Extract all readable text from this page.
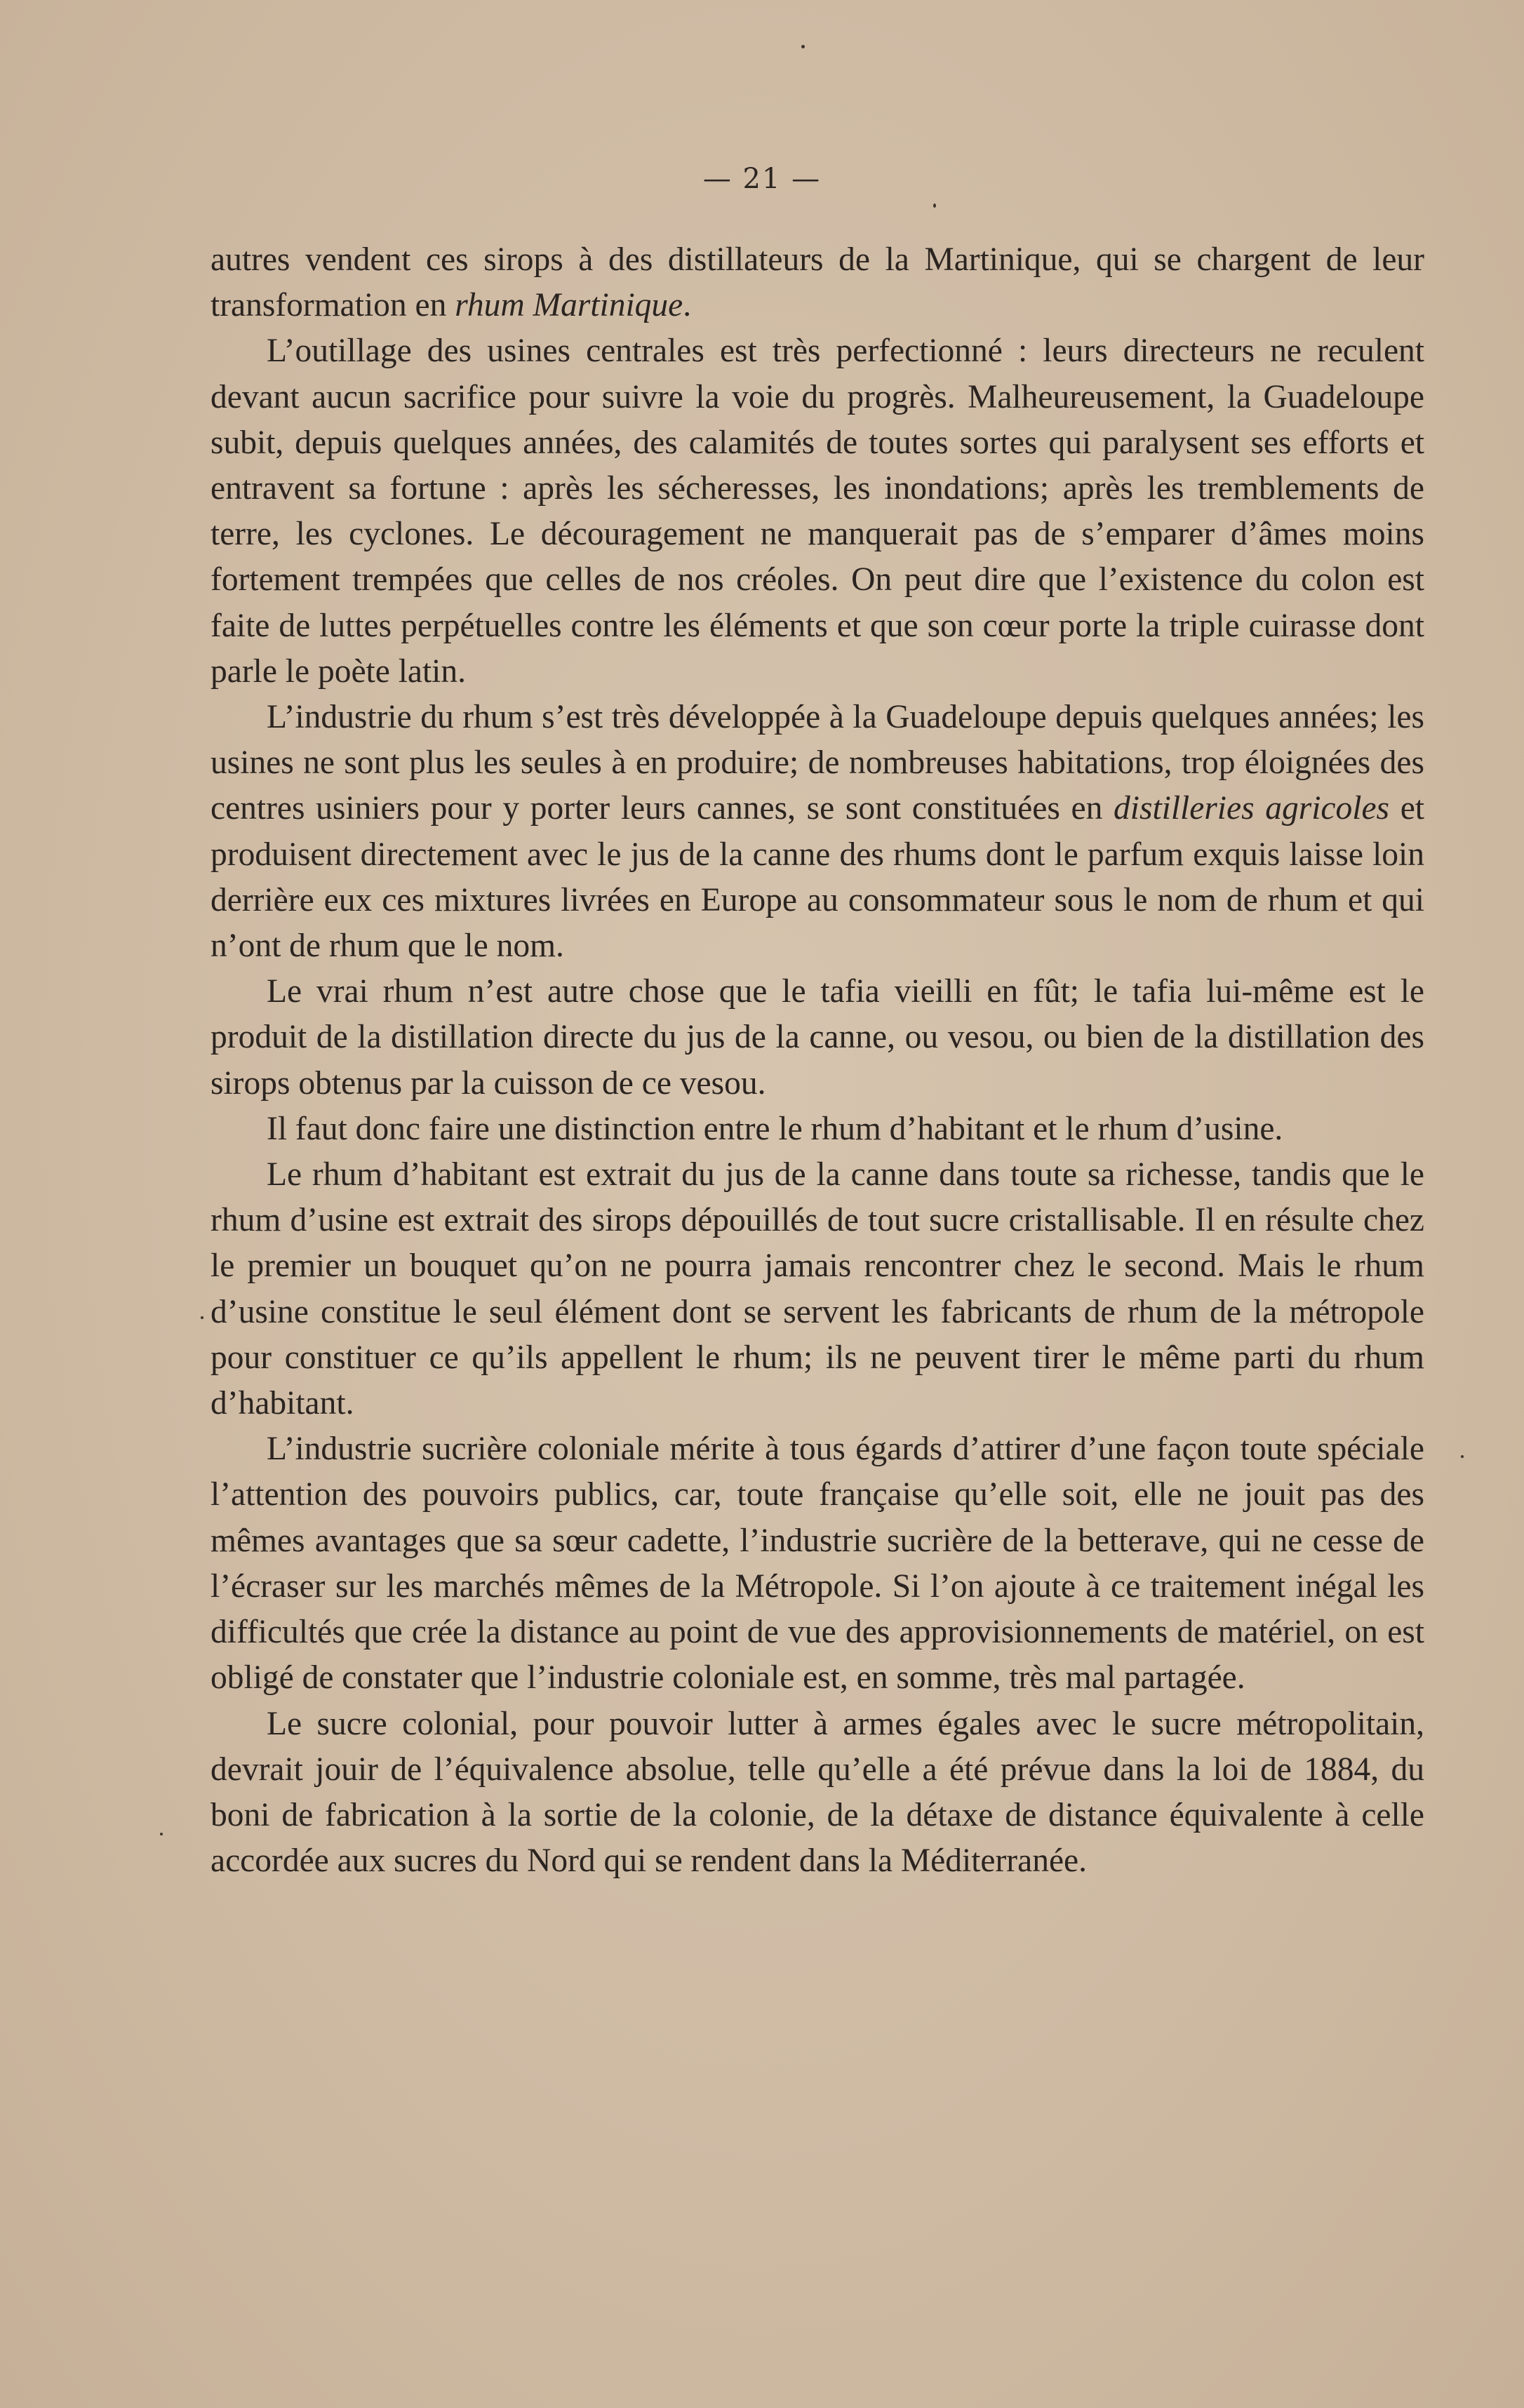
— 21 —

autres vendent ces sirops à des distillateurs de la Martinique, qui se chargent de leur transformation en rhum Martinique.

L’outillage des usines centrales est très perfectionné : leurs directeurs ne reculent devant aucun sacrifice pour suivre la voie du progrès. Malheureusement, la Guadeloupe subit, depuis quelques années, des calamités de toutes sortes qui paralysent ses efforts et entravent sa fortune : après les sécheresses, les inondations; après les tremblements de terre, les cyclones. Le découragement ne manquerait pas de s’emparer d’âmes moins fortement trempées que celles de nos créoles. On peut dire que l’existence du colon est faite de luttes perpétuelles contre les éléments et que son cœur porte la triple cuirasse dont parle le poète latin.

L’industrie du rhum s’est très développée à la Guadeloupe depuis quelques années; les usines ne sont plus les seules à en produire; de nombreuses habitations, trop éloignées des centres usiniers pour y porter leurs cannes, se sont constituées en distilleries agricoles et produisent directement avec le jus de la canne des rhums dont le parfum exquis laisse loin derrière eux ces mixtures livrées en Europe au consommateur sous le nom de rhum et qui n’ont de rhum que le nom.

Le vrai rhum n’est autre chose que le tafia vieilli en fût; le tafia lui-même est le produit de la distillation directe du jus de la canne, ou vesou, ou bien de la distillation des sirops obtenus par la cuisson de ce vesou.

Il faut donc faire une distinction entre le rhum d’habitant et le rhum d’usine.

Le rhum d’habitant est extrait du jus de la canne dans toute sa richesse, tandis que le rhum d’usine est extrait des sirops dépouillés de tout sucre cristallisable. Il en résulte chez le premier un bouquet qu’on ne pourra jamais rencontrer chez le second. Mais le rhum d’usine constitue le seul élément dont se servent les fabricants de rhum de la métropole pour constituer ce qu’ils appellent le rhum; ils ne peuvent tirer le même parti du rhum d’habitant.

L’industrie sucrière coloniale mérite à tous égards d’attirer d’une façon toute spéciale l’attention des pouvoirs publics, car, toute française qu’elle soit, elle ne jouit pas des mêmes avantages que sa sœur cadette, l’industrie sucrière de la betterave, qui ne cesse de l’écraser sur les marchés mêmes de la Métropole. Si l’on ajoute à ce traitement inégal les difficultés que crée la distance au point de vue des approvisionnements de matériel, on est obligé de constater que l’industrie coloniale est, en somme, très mal partagée.

Le sucre colonial, pour pouvoir lutter à armes égales avec le sucre métropolitain, devrait jouir de l’équivalence absolue, telle qu’elle a été prévue dans la loi de 1884, du boni de fabrication à la sortie de la colonie, de la détaxe de distance équivalente à celle accordée aux sucres du Nord qui se rendent dans la Méditerranée.
